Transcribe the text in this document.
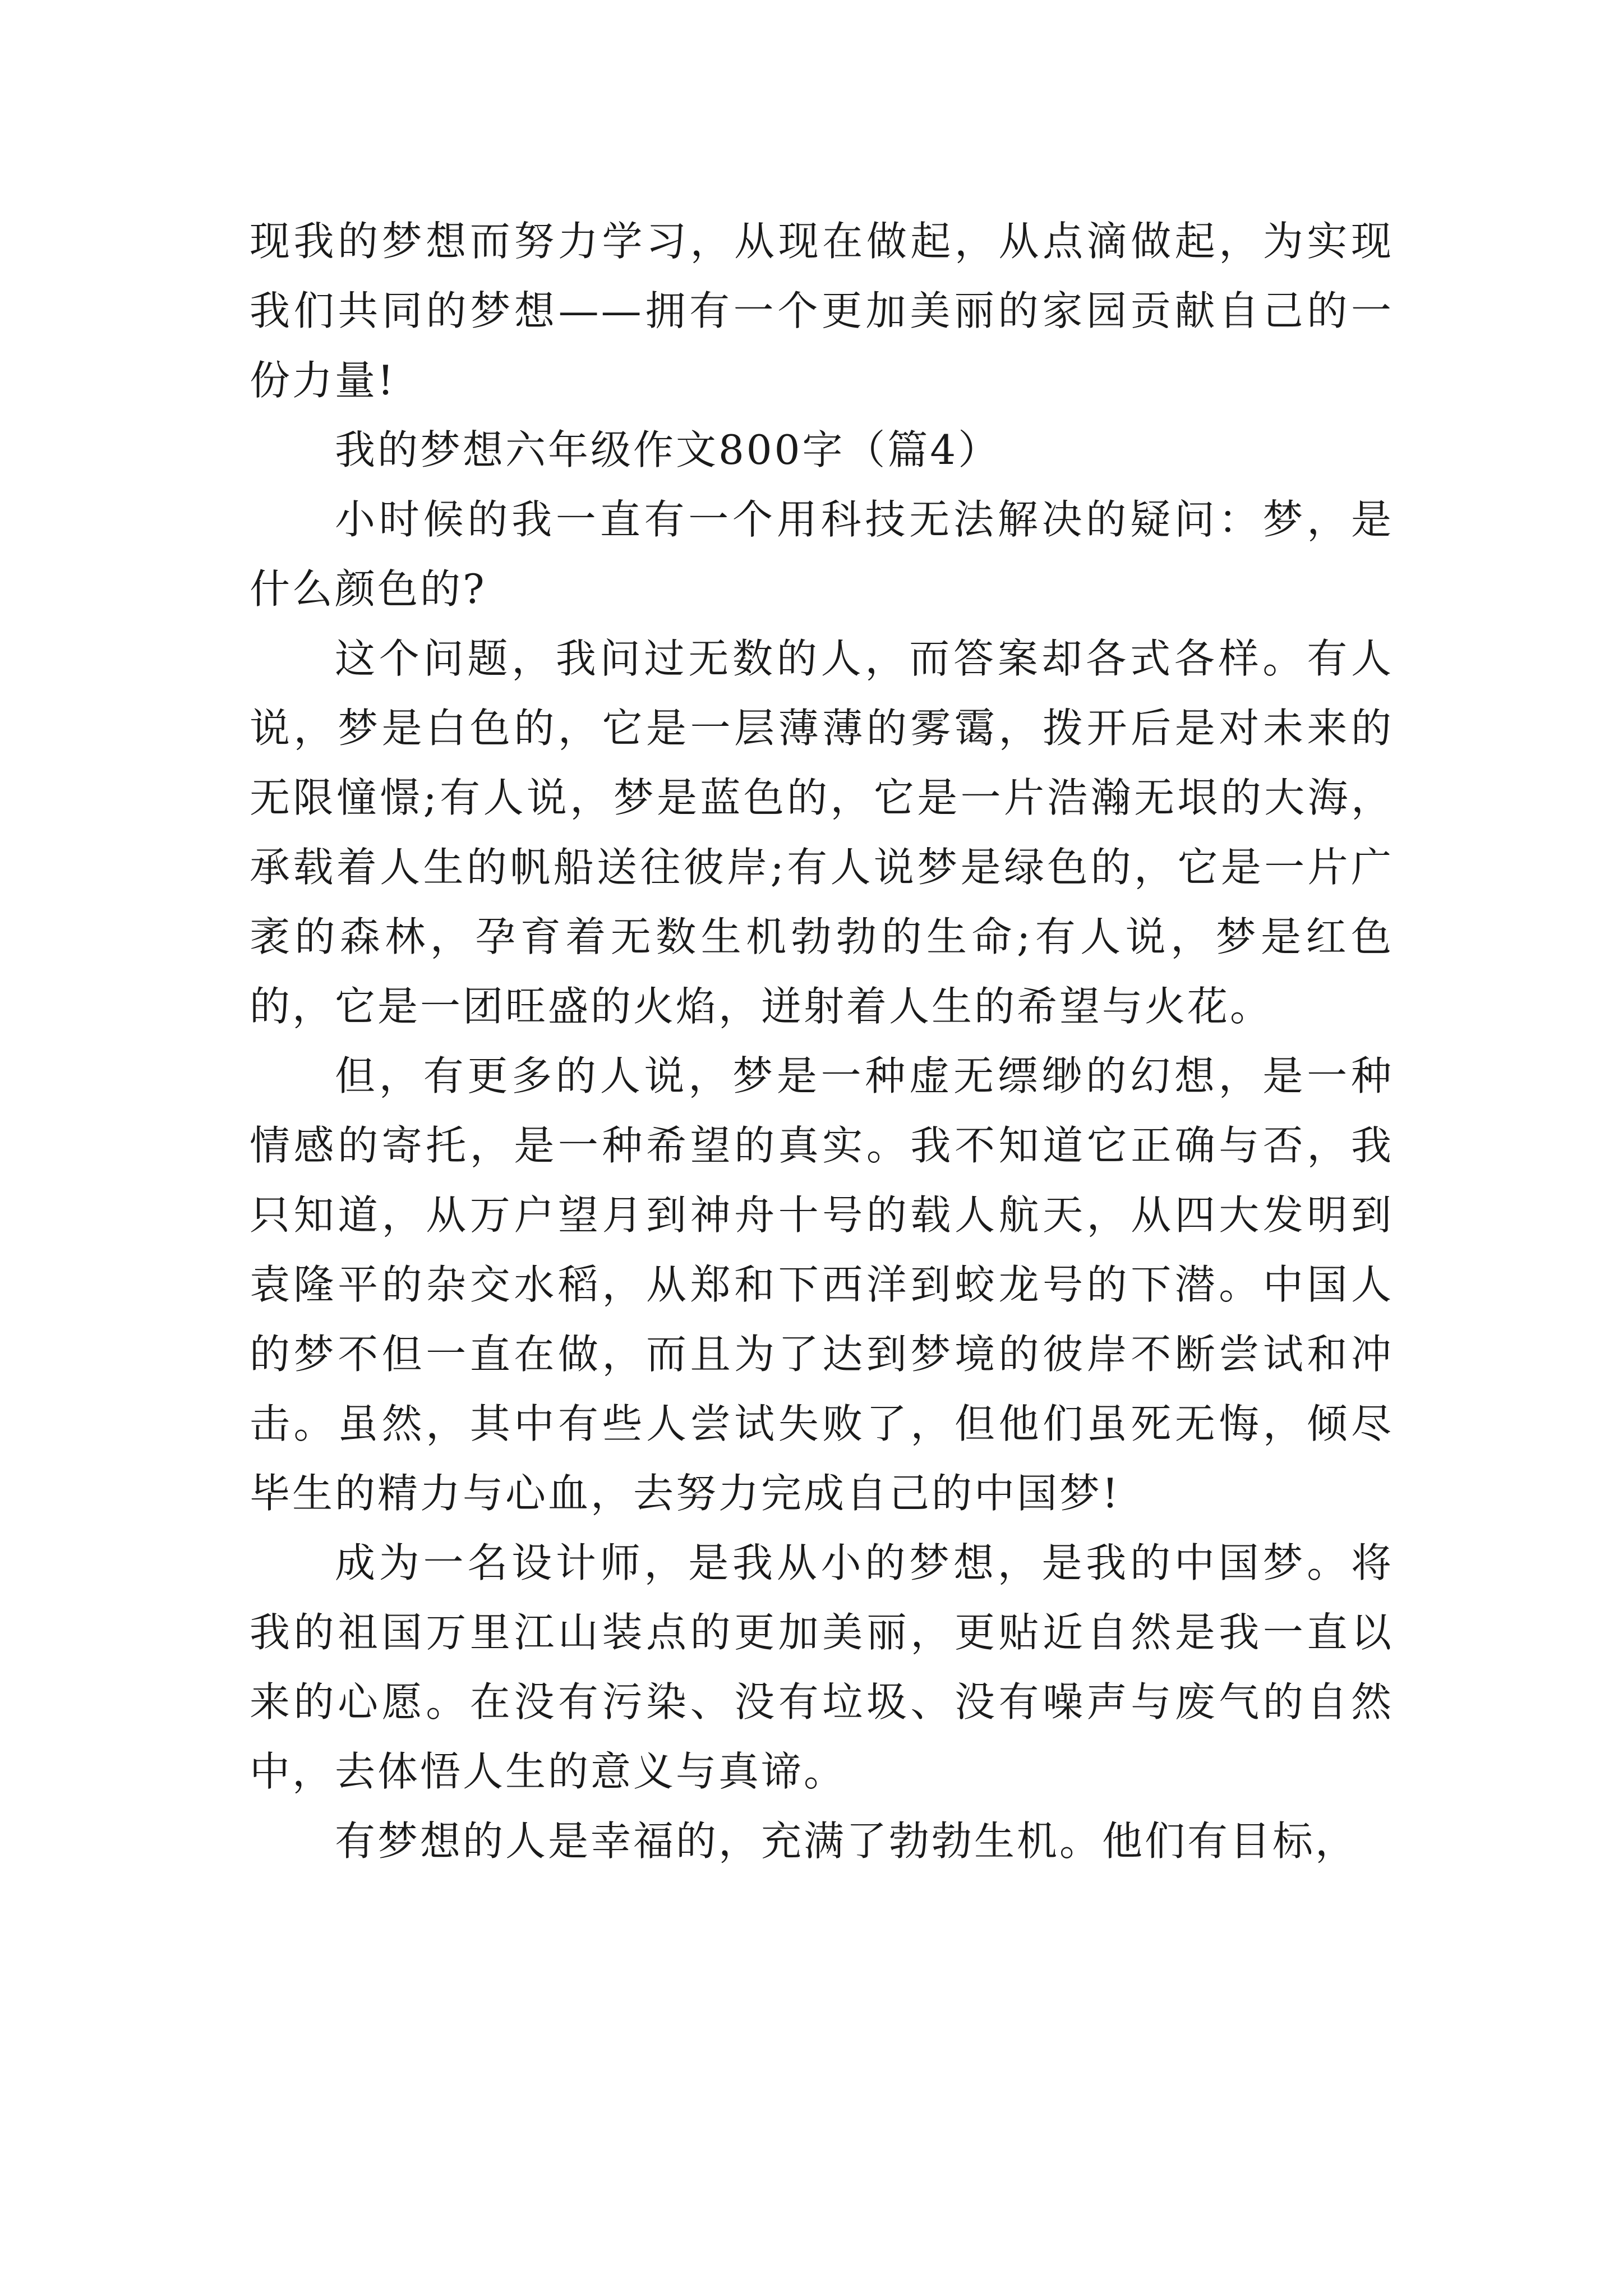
现我的梦想而努力学习，从现在做起，从点滴做起，为实现我们共同的梦想——拥有一个更加美丽的家园贡献自己的一份力量!

我的梦想六年级作文800字（篇4）

小时候的我一直有一个用科技无法解决的疑问：梦，是什么颜色的?

这个问题，我问过无数的人，而答案却各式各样。有人说，梦是白色的，它是一层薄薄的雾霭，拨开后是对未来的无限憧憬;有人说，梦是蓝色的，它是一片浩瀚无垠的大海，承载着人生的帆船送往彼岸;有人说梦是绿色的，它是一片广袤的森林，孕育着无数生机勃勃的生命;有人说，梦是红色的，它是一团旺盛的火焰，迸射着人生的希望与火花。

但，有更多的人说，梦是一种虚无缥缈的幻想，是一种情感的寄托，是一种希望的真实。我不知道它正确与否，我只知道，从万户望月到神舟十号的载人航天，从四大发明到袁隆平的杂交水稻，从郑和下西洋到蛟龙号的下潜。中国人的梦不但一直在做，而且为了达到梦境的彼岸不断尝试和冲击。虽然，其中有些人尝试失败了，但他们虽死无悔，倾尽毕生的精力与心血，去努力完成自己的中国梦!

成为一名设计师，是我从小的梦想，是我的中国梦。将我的祖国万里江山装点的更加美丽，更贴近自然是我一直以来的心愿。在没有污染、没有垃圾、没有噪声与废气的自然中，去体悟人生的意义与真谛。

有梦想的人是幸福的，充满了勃勃生机。他们有目标，
